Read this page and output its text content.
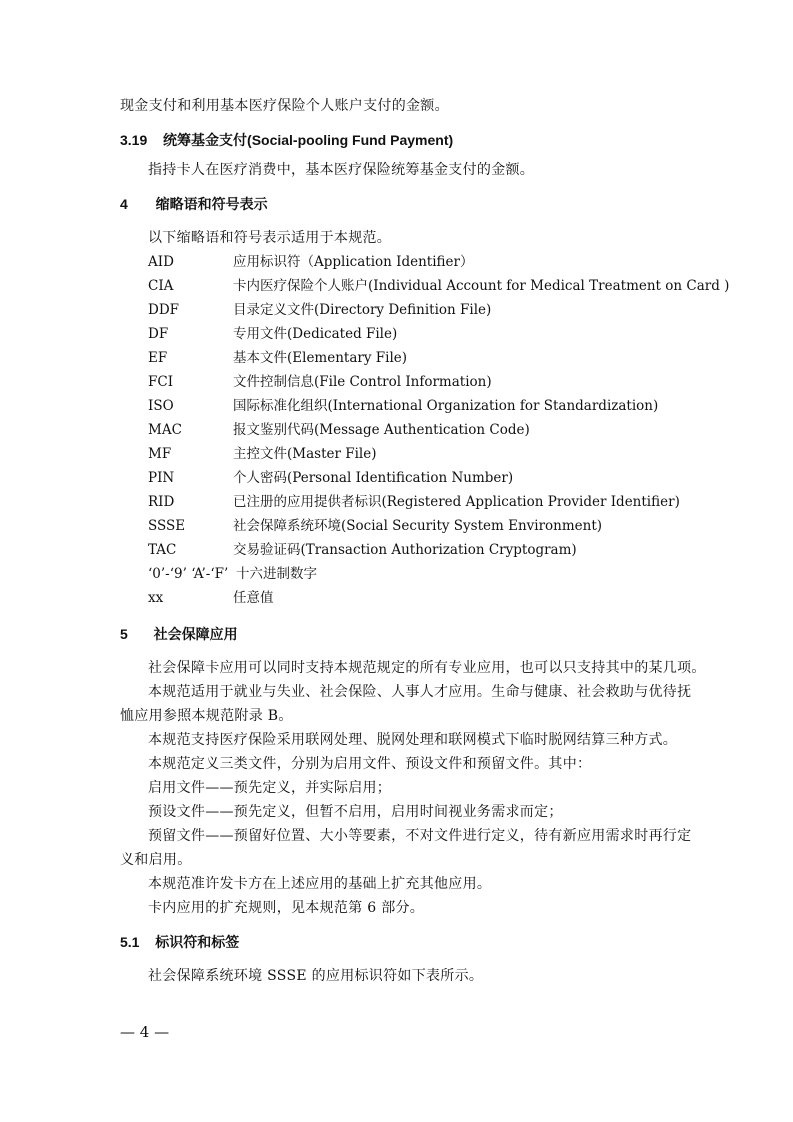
现金支付和利用基本医疗保险个人账户支付的金额。
3.19 统筹基金支付(Social-pooling Fund Payment)
指持卡人在医疗消费中，基本医疗保险统筹基金支付的金额。
4 缩略语和符号表示
以下缩略语和符号表示适用于本规范。
AID	应用标识符（Application Identifier）
CIA	卡内医疗保险个人账户(Individual Account for Medical Treatment on Card )
DDF	目录定义文件(Directory Definition File)
DF	专用文件(Dedicated File)
EF	基本文件(Elementary File)
FCI	文件控制信息(File Control Information)
ISO	国际标准化组织(International Organization for Standardization)
MAC	报文鉴别代码(Message Authentication Code)
MF	主控文件(Master File)
PIN	个人密码(Personal Identification Number)
RID	已注册的应用提供者标识(Registered Application Provider Identifier)
SSSE	社会保障系统环境(Social Security System Environment)
TAC	交易验证码(Transaction Authorization Cryptogram)
‘0’-‘9’ ‘A’-‘F’ 十六进制数字
xx	任意值
5 社会保障应用
社会保障卡应用可以同时支持本规范规定的所有专业应用，也可以只支持其中的某几项。
本规范适用于就业与失业、社会保险、人事人才应用。生命与健康、社会救助与优待抚
恤应用参照本规范附录 B。
本规范支持医疗保险采用联网处理、脱网处理和联网模式下临时脱网结算三种方式。
本规范定义三类文件，分别为启用文件、预设文件和预留文件。其中：
启用文件——预先定义，并实际启用；
预设文件——预先定义，但暂不启用，启用时间视业务需求而定；
预留文件——预留好位置、大小等要素，不对文件进行定义，待有新应用需求时再行定
义和启用。
本规范准许发卡方在上述应用的基础上扩充其他应用。
卡内应用的扩充规则，见本规范第 6 部分。
5.1 标识符和标签
社会保障系统环境 SSSE 的应用标识符如下表所示。
— 4 —
